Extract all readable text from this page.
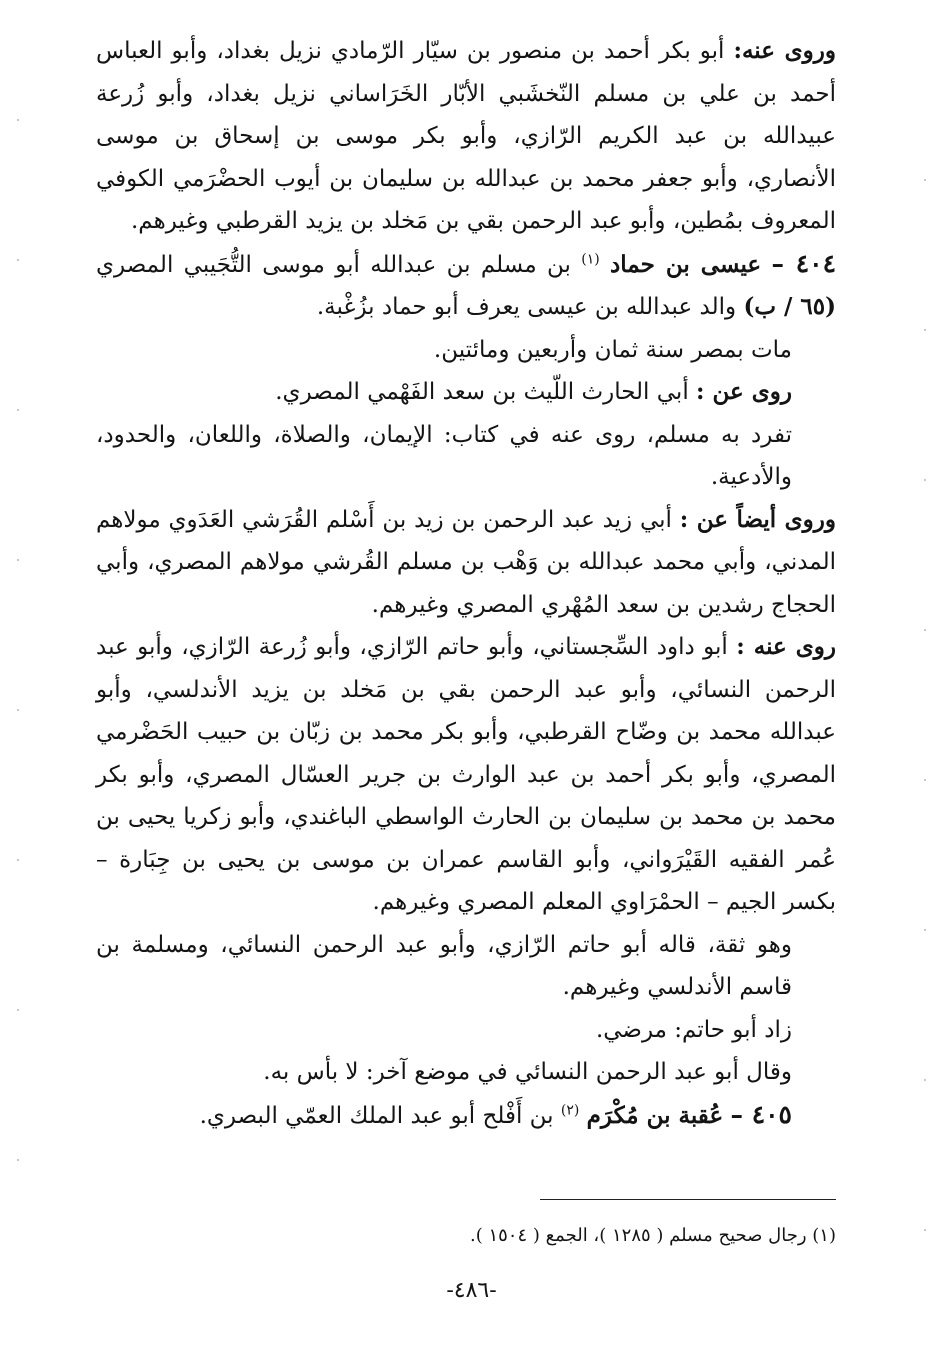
وروى عنه: أبو بكر أحمد بن منصور بن سيّار الرّمادي نزيل بغداد، وأبو العباس أحمد بن علي بن مسلم النّخشَبي الأبّار الخَرَاساني نزيل بغداد، وأبو زُرعة عبيدالله بن عبد الكريم الرّازي، وأبو بكر موسى بن إسحاق بن موسى الأنصاري، وأبو جعفر محمد بن عبدالله بن سليمان بن أيوب الحضْرَمي الكوفي المعروف بمُطين، وأبو عبد الرحمن بقي بن مَخلد بن يزيد القرطبي وغيرهم.

٤٠٤ – عيسى بن حماد $^{(١)}$ بن مسلم بن عبدالله أبو موسى التُّجَيبي المصري (٦٥ / ب) والد عبدالله بن عيسى يعرف أبو حماد بزُغْبة.

مات بمصر سنة ثمان وأربعين ومائتين.

روى عن : أبي الحارث اللّيث بن سعد الفَهْمي المصري.

تفرد به مسلم، روى عنه في كتاب: الإيمان، والصلاة، واللعان، والحدود، والأدعية.

وروى أيضاً عن : أبي زيد عبد الرحمن بن زيد بن أَسْلم القُرَشي العَدَوي مولاهم المدني، وأبي محمد عبدالله بن وَهْب بن مسلم القُرشي مولاهم المصري، وأبي الحجاج رشدين بن سعد المُهْري المصري وغيرهم.

روى عنه : أبو داود السِّجستاني، وأبو حاتم الرّازي، وأبو زُرعة الرّازي، وأبو عبد الرحمن النسائي، وأبو عبد الرحمن بقي بن مَخلد بن يزيد الأندلسي، وأبو عبدالله محمد بن وضّاح القرطبي، وأبو بكر محمد بن زبّان بن حبيب الحَضْرمي المصري، وأبو بكر أحمد بن عبد الوارث بن جرير العسّال المصري، وأبو بكر محمد بن محمد بن سليمان بن الحارث الواسطي الباغندي، وأبو زكريا يحيى بن عُمر الفقيه القَيْرَواني، وأبو القاسم عمران بن موسى بن يحيى بن جِبَارة – بكسر الجيم – الحمْرَاوي المعلم المصري وغيرهم.

وهو ثقة، قاله أبو حاتم الرّازي، وأبو عبد الرحمن النسائي، ومسلمة بن قاسم الأندلسي وغيرهم.

زاد أبو حاتم: مرضي.

وقال أبو عبد الرحمن النسائي في موضع آخر: لا بأس به.

٤٠٥ – عُقبة بن مُكْرَم $^{(٢)}$ بن أَفْلح أبو عبد الملك العمّي البصري.

(١) رجال صحيح مسلم ( ١٢٨٥ )، الجمع ( ١٥٠٤ ).
-٤٨٦-
